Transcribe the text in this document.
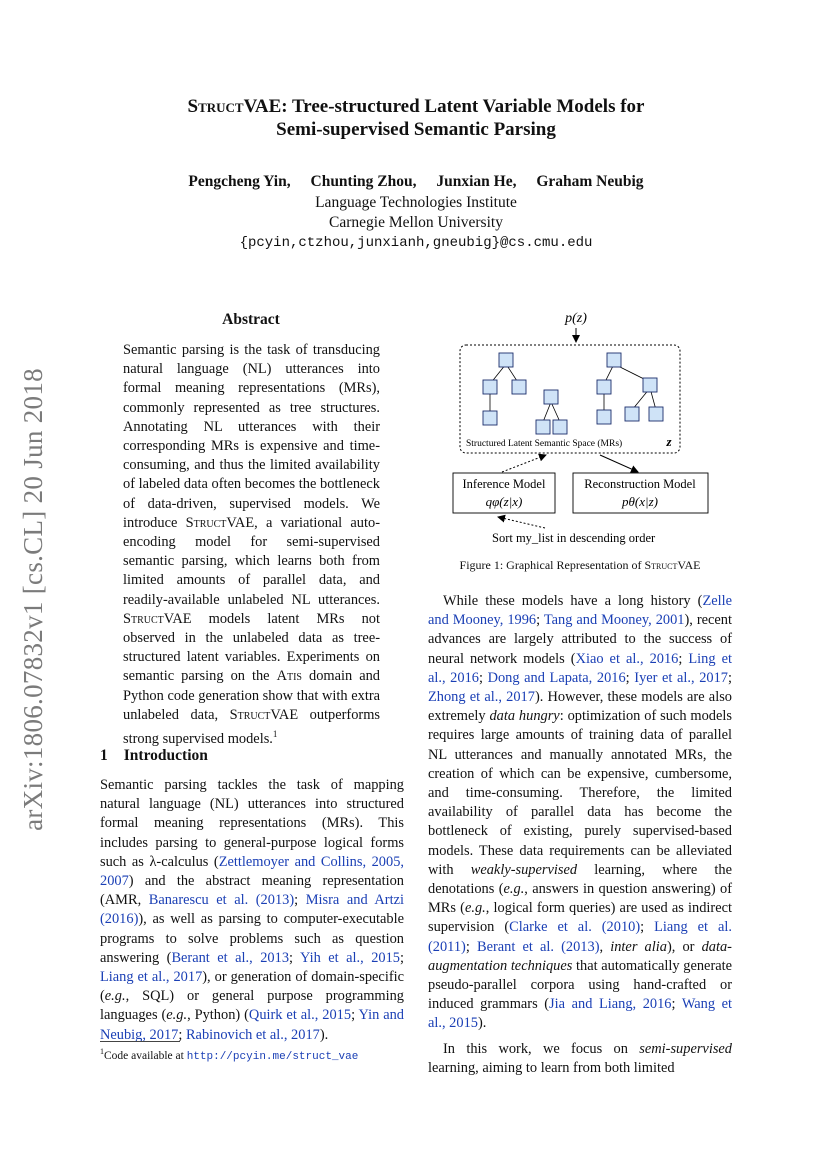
arXiv:1806.07832v1 [cs.CL] 20 Jun 2018
StructVAE: Tree-structured Latent Variable Models for
Semi-supervised Semantic Parsing
Pengcheng Yin, Chunting Zhou, Junxian He, Graham Neubig
Language Technologies Institute
Carnegie Mellon University
{pcyin,ctzhou,junxianh,gneubig}@cs.cmu.edu
Abstract
Semantic parsing is the task of transducing natural language (NL) utterances into formal meaning representations (MRs), commonly represented as tree structures. Annotating NL utterances with their corresponding MRs is expensive and time-consuming, and thus the limited availability of labeled data often becomes the bottleneck of data-driven, supervised models. We introduce StructVAE, a variational auto-encoding model for semi-supervised semantic parsing, which learns both from limited amounts of parallel data, and readily-available unlabeled NL utterances. StructVAE models latent MRs not observed in the unlabeled data as tree-structured latent variables. Experiments on semantic parsing on the Atis domain and Python code generation show that with extra unlabeled data, StructVAE outperforms strong supervised models.$^1$
1 Introduction

Semantic parsing tackles the task of mapping natural language (NL) utterances into structured formal meaning representations (MRs). This includes parsing to general-purpose logical forms such as λ-calculus (Zettlemoyer and Collins, 2005, 2007) and the abstract meaning representation (AMR, Banarescu et al. (2013); Misra and Artzi (2016)), as well as parsing to computer-executable programs to solve problems such as question answering (Berant et al., 2013; Yih et al., 2015; Liang et al., 2017), or generation of domain-specific (e.g., SQL) or general purpose programming languages (e.g., Python) (Quirk et al., 2015; Yin and Neubig, 2017; Rabinovich et al., 2017).

$^1$Code available at http://pcyin.me/struct_vae
p(z)
Structured Latent Semantic Space (MRs)	z
Inference Model
qφ(z|x)
Reconstruction Model
pθ(x|z)
Sort my_list in descending order
Figure 1: Graphical Representation of StructVAE

While these models have a long history (Zelle and Mooney, 1996; Tang and Mooney, 2001), recent advances are largely attributed to the success of neural network models (Xiao et al., 2016; Ling et al., 2016; Dong and Lapata, 2016; Iyer et al., 2017; Zhong et al., 2017). However, these models are also extremely data hungry: optimization of such models requires large amounts of training data of parallel NL utterances and manually annotated MRs, the creation of which can be expensive, cumbersome, and time-consuming. Therefore, the limited availability of parallel data has become the bottleneck of existing, purely supervised-based models. These data requirements can be alleviated with weakly-supervised learning, where the denotations (e.g., answers in question answering) of MRs (e.g., logical form queries) are used as indirect supervision (Clarke et al. (2010); Liang et al. (2011); Berant et al. (2013), inter alia), or data-augmentation techniques that automatically generate pseudo-parallel corpora using hand-crafted or induced grammars (Jia and Liang, 2016; Wang et al., 2015).

In this work, we focus on semi-supervised learning, aiming to learn from both limited
